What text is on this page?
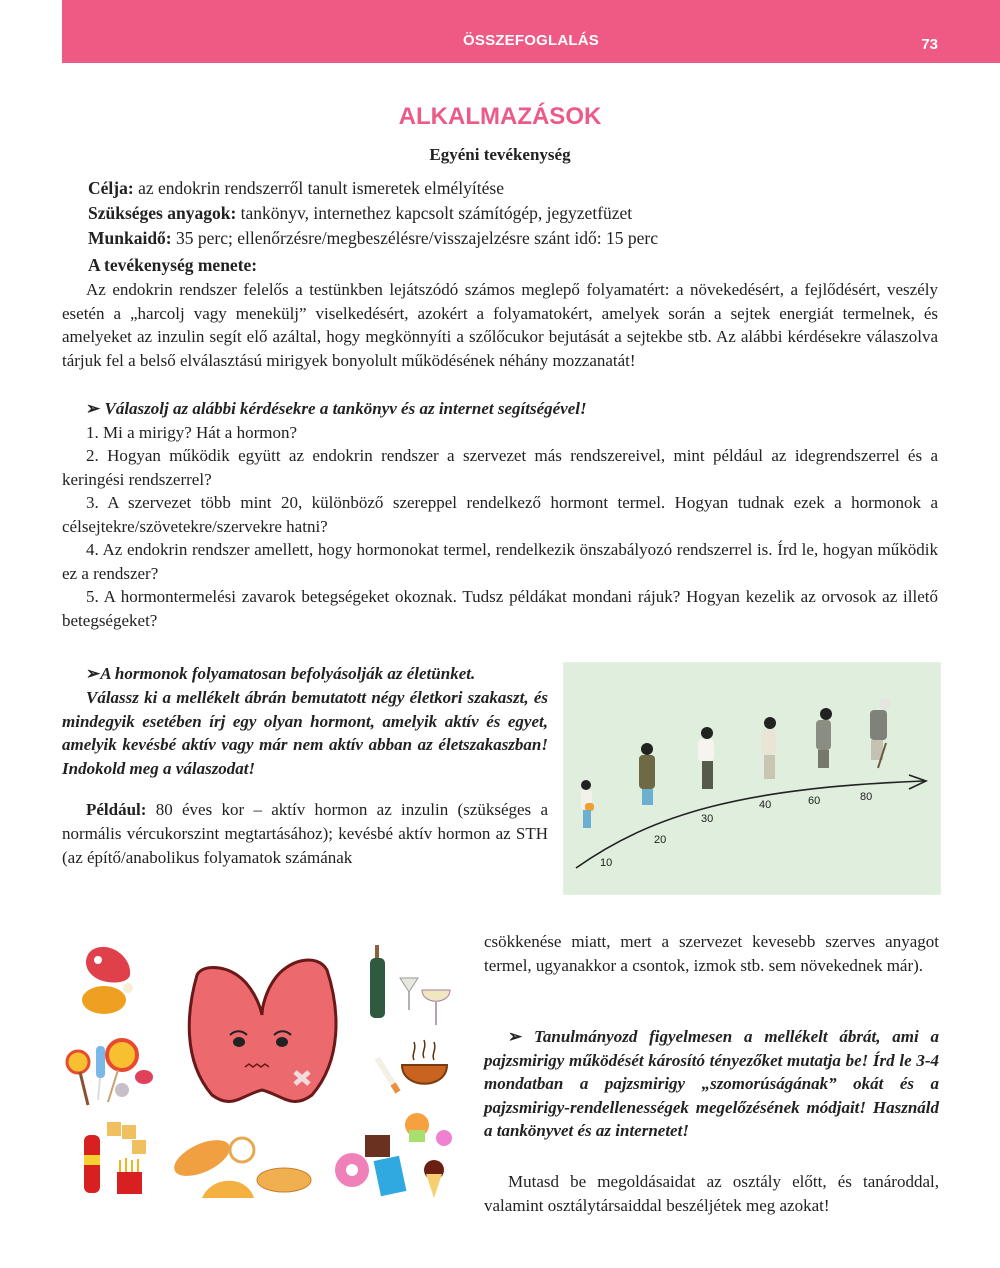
ÖSSZEFOGLALÁS	73
ALKALMAZÁSOK
Egyéni tevékenység
Célja: az endokrin rendszerről tanult ismeretek elmélyítése
Szükséges anyagok: tankönyv, internethez kapcsolt számítógép, jegyzetfüzet
Munkaidő: 35 perc; ellenőrzésre/megbeszélésre/visszajelzésre szánt idő: 15 perc
A tevékenység menete:
Az endokrin rendszer felelős a testünkben lejátszódó számos meglepő folyamatért: a növekedésért, a fejlődésért, veszély esetén a „harcolj vagy menekülj” viselkedésért, azokért a folyamatokért, amelyek során a sejtek energiát termelnek, és amelyeket az inzulin segít elő azáltal, hogy megkönnyíti a szőlőcukor bejutását a sejtekbe stb. Az alábbi kérdésekre válaszolva tárjuk fel a belső elválasztású mirigyek bonyolult működésének néhány mozzanatát!

➢ Válaszolj az alábbi kérdésekre a tankönyv és az internet segítségével!

1. Mi a mirigy? Hát a hormon?

2. Hogyan működik együtt az endokrin rendszer a szervezet más rendszereivel, mint például az idegrendszerrel és a keringési rendszerrel?

3. A szervezet több mint 20, különböző szereppel rendelkező hormont termel. Hogyan tudnak ezek a hormonok a célsejtekre/szövetekre/szervekre hatni?

4. Az endokrin rendszer amellett, hogy hormonokat termel, rendelkezik önszabályozó rendszerrel is. Írd le, hogyan működik ez a rendszer?

5. A hormontermelési zavarok betegségeket okoznak. Tudsz példákat mondani rájuk? Hogyan kezelik az orvosok az illető betegségeket?

➢A hormonok folyamatosan befolyásolják az életünket.

Válassz ki a mellékelt ábrán bemutatott négy életkori szakaszt, és mindegyik esetében írj egy olyan hormont, amelyik aktív és egyet, amelyik kevésbé aktív vagy már nem aktív abban az életszakaszban! Indokold meg a válaszodat!

Például: 80 éves kor – aktív hormon az inzulin (szükséges a normális vércukorszint megtartásához); kevésbé aktív hormon az STH (az építő/anabolikus folyamatok számának	10
20
30
40	60	80
csökkenése miatt, mert a szervezet kevesebb szerves anyagot termel, ugyanakkor a csontok, izmok stb. sem növekednek már).
➢ Tanulmányozd figyelmesen a mellékelt ábrát, ami a pajzsmirigy működését károsító tényezőket mutatja be! Írd le 3-4 mondatban a pajzsmirigy „szomorúságának” okát és a pajzsmirigy-rendellenességek megelőzésének módjait! Használd a tankönyvet és az internetet!
Mutasd be megoldásaidat az osztály előtt, és tanároddal, valamint osztálytársaiddal beszéljétek meg azokat!
